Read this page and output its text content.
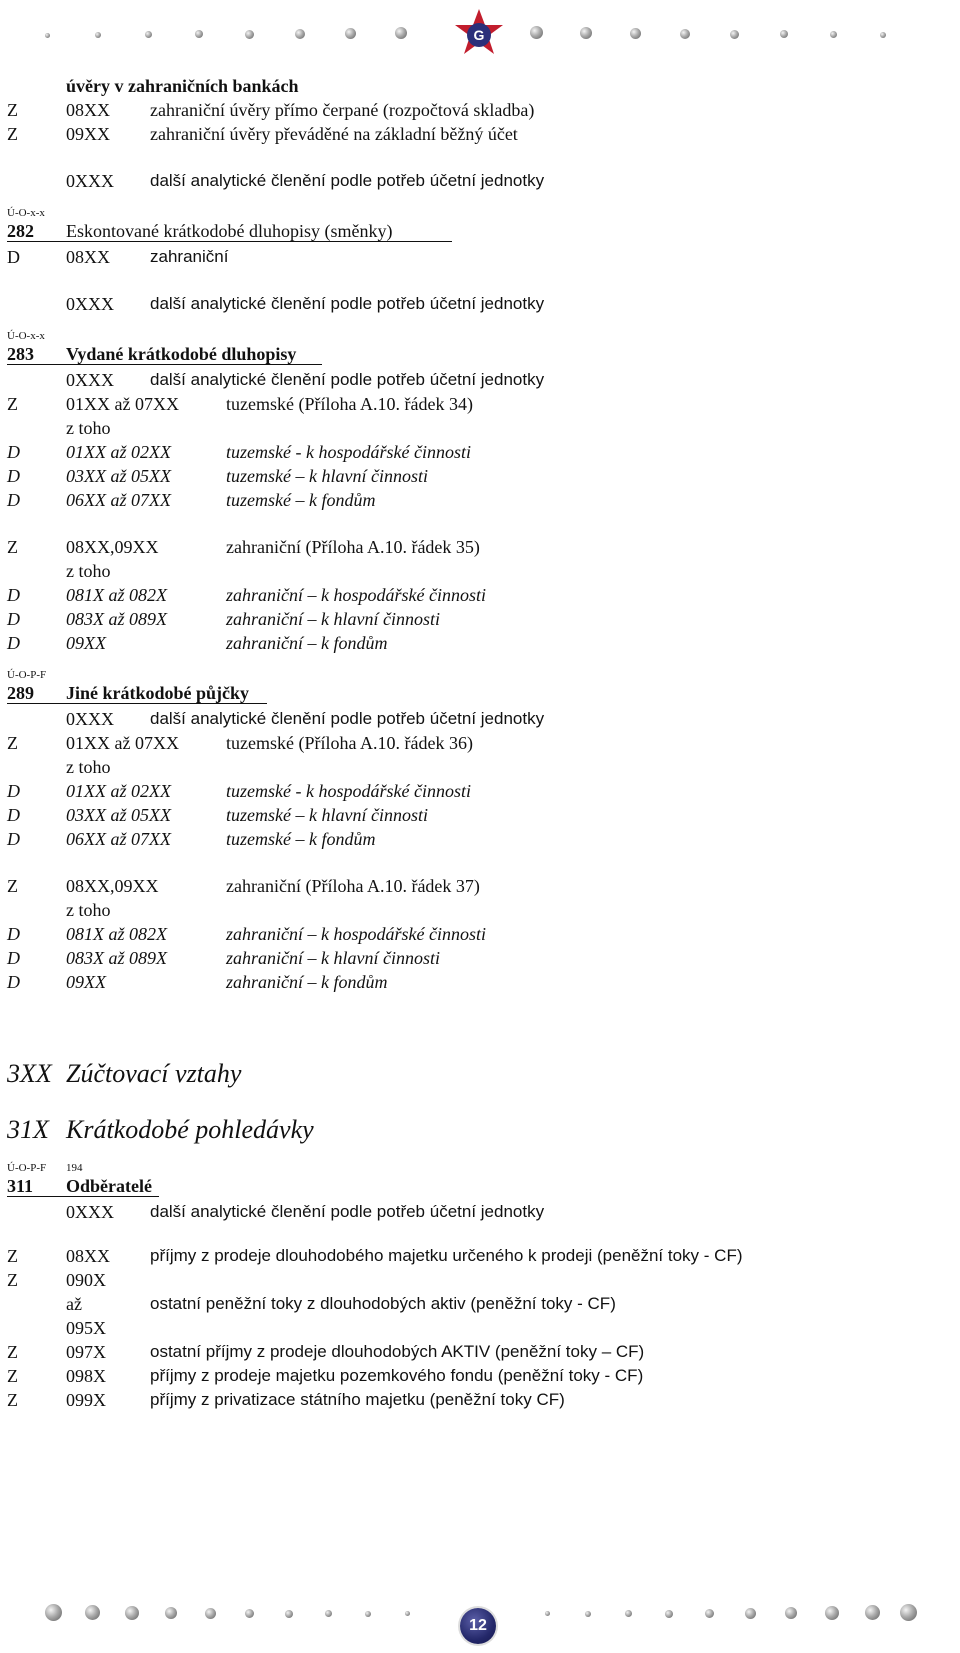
G
úvěry v zahraničních bankách
Z	08XX zahraniční úvěry přímo čerpané (rozpočtová skladba)
Z	09XX zahraniční úvěry převáděné na základní běžný účet
0XXX další analytické členění podle potřeb účetní jednotky
Ú-O-x-x
282 Eskontované krátkodobé dluhopisy (směnky)
D	08XX zahraniční
0XXX další analytické členění podle potřeb účetní jednotky
Ú-O-x-x
283 Vydané krátkodobé dluhopisy
0XXX další analytické členění podle potřeb účetní jednotky
Z	01XX až 07XX	tuzemské (Příloha A.10. řádek 34)
z toho
D	01XX až 02XX	tuzemské - k hospodářské činnosti
D	03XX až 05XX	tuzemské – k hlavní činnosti
D	06XX až 07XX	tuzemské – k fondům
Z	08XX,09XX	zahraniční (Příloha A.10. řádek 35)
z toho
D	081X až 082X	zahraniční – k hospodářské činnosti
D	083X až 089X	zahraniční – k hlavní činnosti
D	09XX	zahraniční – k fondům
Ú-O-P-F
289 Jiné krátkodobé půjčky
0XXX další analytické členění podle potřeb účetní jednotky
Z	01XX až 07XX	tuzemské (Příloha A.10. řádek 36)
z toho
D	01XX až 02XX	tuzemské - k hospodářské činnosti
D	03XX až 05XX	tuzemské – k hlavní činnosti
D	06XX až 07XX	tuzemské – k fondům
Z	08XX,09XX	zahraniční (Příloha A.10. řádek 37)
z toho
D	081X až 082X	zahraniční – k hospodářské činnosti
D	083X až 089X	zahraniční – k hlavní činnosti
D	09XX	zahraniční – k fondům
3XX Zúčtovací vztahy
31X Krátkodobé pohledávky
Ú-O-P-F 194
311 Odběratelé
0XXX další analytické členění podle potřeb účetní jednotky
Z	08XX příjmy z prodeje dlouhodobého majetku určeného k prodeji (peněžní toky - CF)
Z	090X
až	ostatní peněžní toky z dlouhodobých aktiv (peněžní toky - CF)
095X
Z	097X	ostatní příjmy z prodeje dlouhodobých AKTIV (peněžní toky – CF)
Z	098X	příjmy z prodeje majetku pozemkového fondu (peněžní toky - CF)
Z	099X	příjmy z privatizace státního majetku (peněžní toky CF)
12
